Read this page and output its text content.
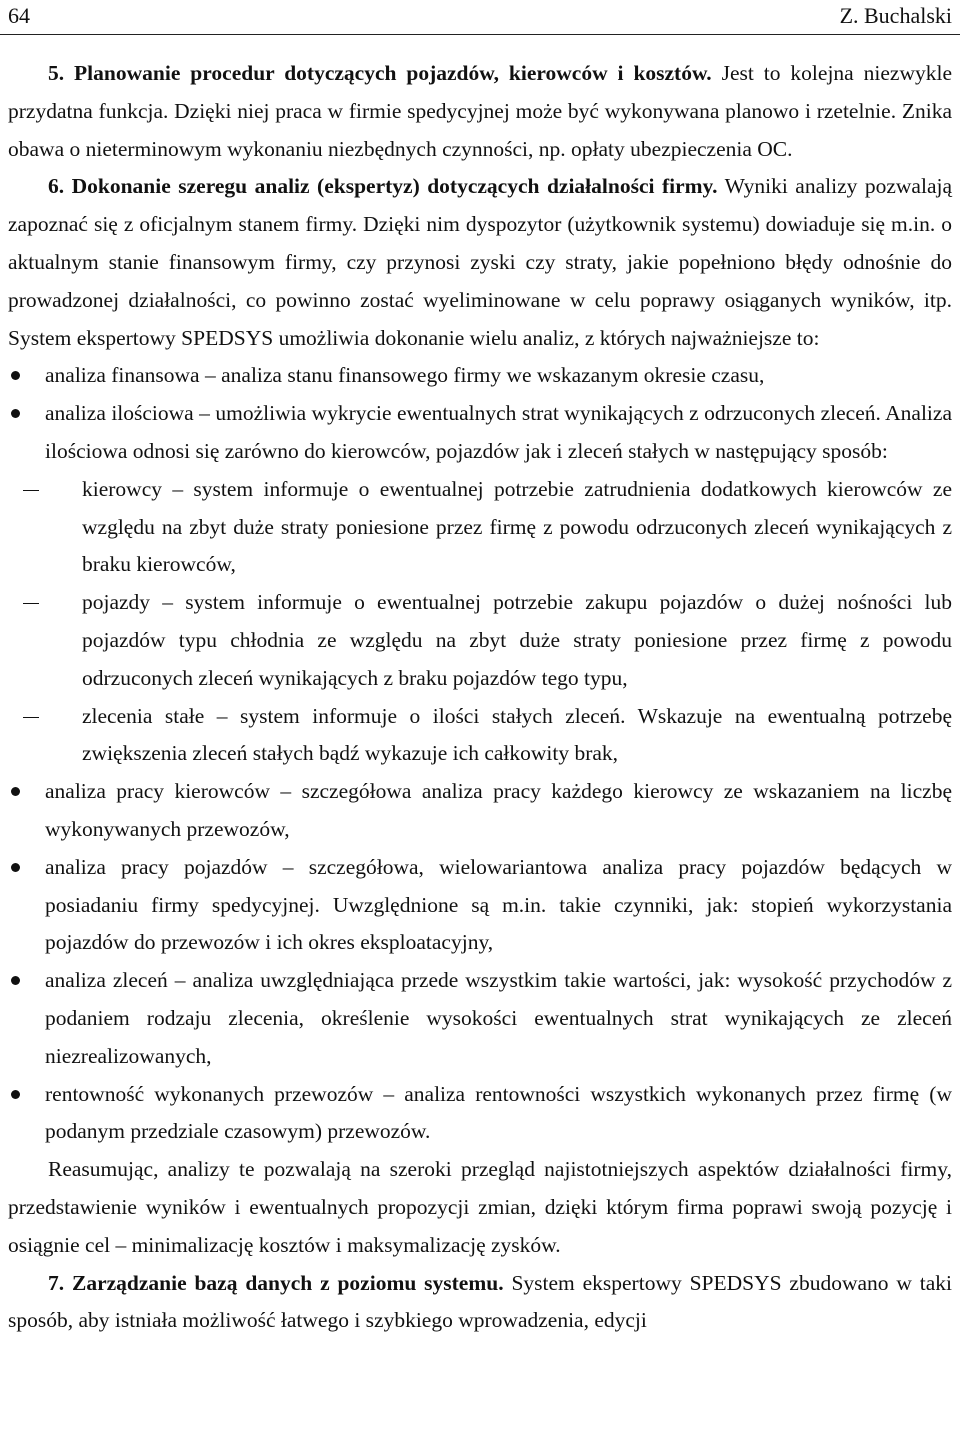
64	Z. Buchalski

5. Planowanie procedur dotyczących pojazdów, kierowców i kosztów. Jest to kolejna niezwykle przydatna funkcja. Dzięki niej praca w firmie spedycyjnej może być wykonywana planowo i rzetelnie. Znika obawa o nieterminowym wykonaniu niezbędnych czynności, np. opłaty ubezpieczenia OC.

6. Dokonanie szeregu analiz (ekspertyz) dotyczących działalności firmy. Wyniki analizy pozwalają zapoznać się z oficjalnym stanem firmy. Dzięki nim dyspozytor (użytkownik systemu) dowiaduje się m.in. o aktualnym stanie finansowym firmy, czy przynosi zyski czy straty, jakie popełniono błędy odnośnie do prowadzonej działalności, co powinno zostać wyeliminowane w celu poprawy osiąganych wyników, itp. System ekspertowy SPEDSYS umożliwia dokonanie wielu analiz, z których najważniejsze to:

analiza finansowa – analiza stanu finansowego firmy we wskazanym okresie czasu,
analiza ilościowa – umożliwia wykrycie ewentualnych strat wynikających z odrzuconych zleceń. Analiza ilościowa odnosi się zarówno do kierowców, pojazdów jak i zleceń stałych w następujący sposób:
kierowcy – system informuje o ewentualnej potrzebie zatrudnienia dodatkowych kierowców ze względu na zbyt duże straty poniesione przez firmę z powodu odrzuconych zleceń wynikających z braku kierowców,
pojazdy – system informuje o ewentualnej potrzebie zakupu pojazdów o dużej nośności lub pojazdów typu chłodnia ze względu na zbyt duże straty poniesione przez firmę z powodu odrzuconych zleceń wynikających z braku pojazdów tego typu,
zlecenia stałe – system informuje o ilości stałych zleceń. Wskazuje na ewentualną potrzebę zwiększenia zleceń stałych bądź wykazuje ich całkowity brak,
analiza pracy kierowców – szczegółowa analiza pracy każdego kierowcy ze wskazaniem na liczbę wykonywanych przewozów,
analiza pracy pojazdów – szczegółowa, wielowariantowa analiza pracy pojazdów będących w posiadaniu firmy spedycyjnej. Uwzględnione są m.in. takie czynniki, jak: stopień wykorzystania pojazdów do przewozów i ich okres eksploatacyjny,
analiza zleceń – analiza uwzględniająca przede wszystkim takie wartości, jak: wysokość przychodów z podaniem rodzaju zlecenia, określenie wysokości ewentualnych strat wynikających ze zleceń niezrealizowanych,
rentowność wykonanych przewozów – analiza rentowności wszystkich wykonanych przez firmę (w podanym przedziale czasowym) przewozów.

Reasumując, analizy te pozwalają na szeroki przegląd najistotniejszych aspektów działalności firmy, przedstawienie wyników i ewentualnych propozycji zmian, dzięki którym firma poprawi swoją pozycję i osiągnie cel – minimalizację kosztów i maksymalizację zysków.

7. Zarządzanie bazą danych z poziomu systemu. System ekspertowy SPEDSYS zbudowano w taki sposób, aby istniała możliwość łatwego i szybkiego wprowadzenia, edycji
